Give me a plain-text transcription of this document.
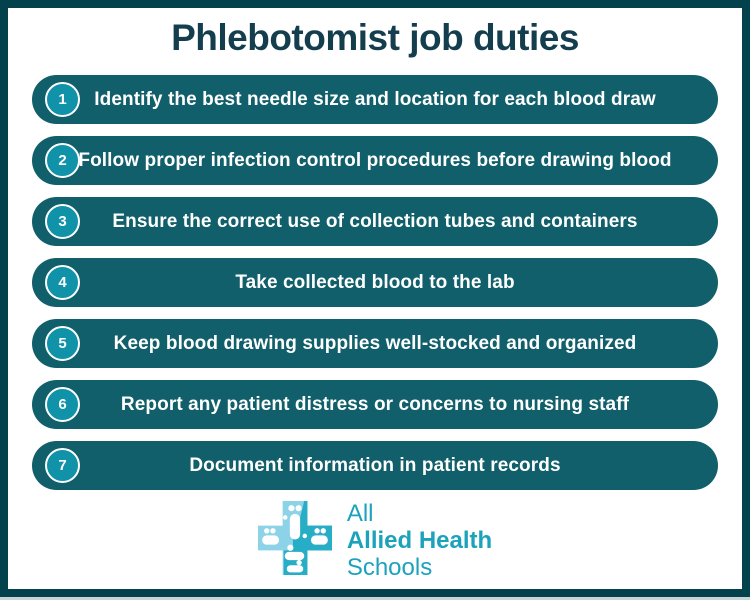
Phlebotomist job duties
1	Identify the best needle size and location for each blood draw
2 Follow proper infection control procedures before drawing blood
3	Ensure the correct use of collection tubes and containers
4	Take collected blood to the lab
5	Keep blood drawing supplies well-stocked and organized
6	Report any patient distress or concerns to nursing staff
7	Document information in patient records
All
Allied Health
Schools
